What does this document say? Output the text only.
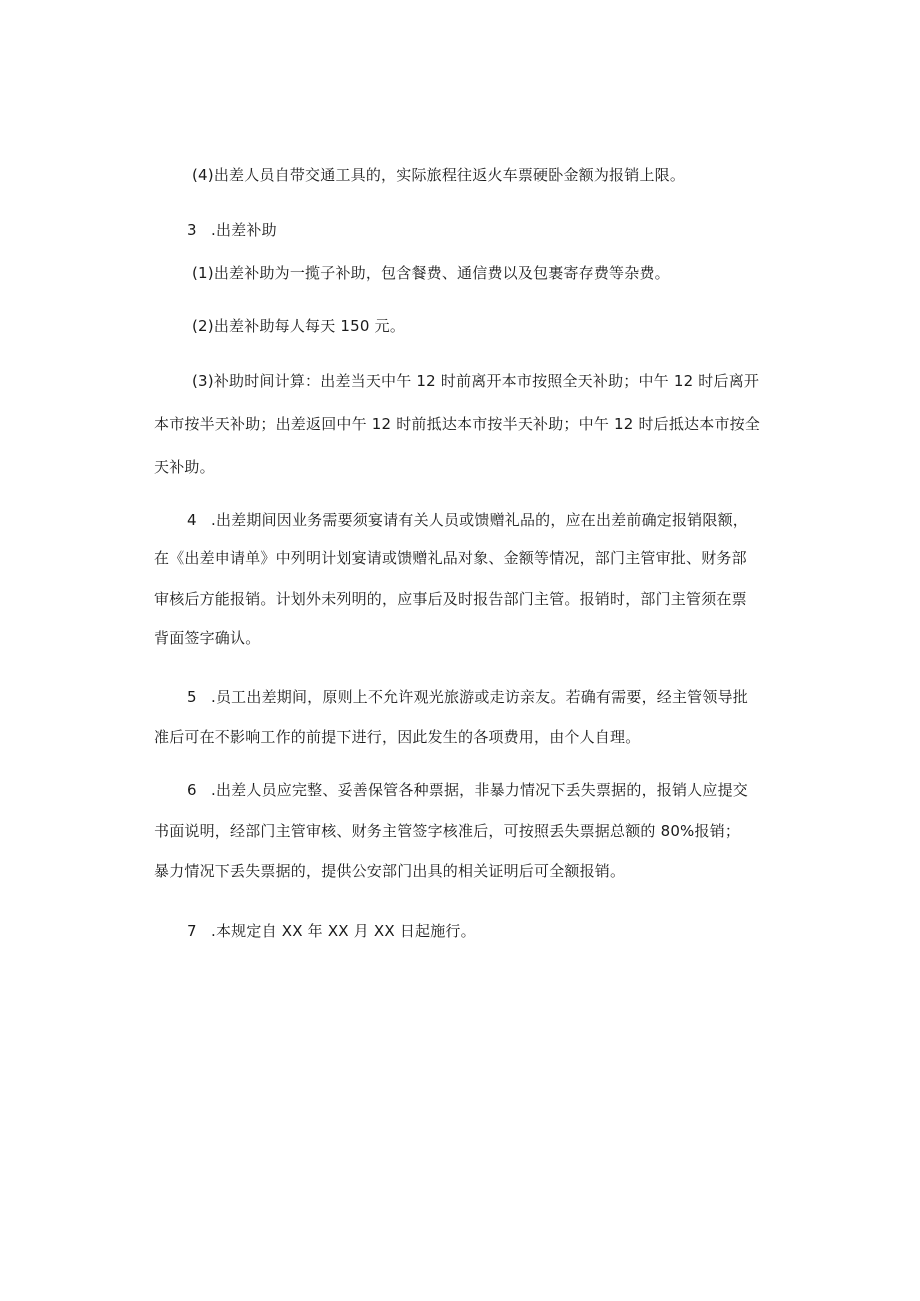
(4)出差人员自带交通工具的，实际旅程往返火车票硬卧金额为报销上限。
3 .出差补助
(1)出差补助为一揽子补助，包含餐费、通信费以及包裹寄存费等杂费。
(2)出差补助每人每天 150 元。
(3)补助时间计算：出差当天中午 12 时前离开本市按照全天补助；中午 12 时后离开
本市按半天补助；出差返回中午 12 时前抵达本市按半天补助；中午 12 时后抵达本市按全
天补助。
4 .出差期间因业务需要须宴请有关人员或馈赠礼品的，应在出差前确定报销限额，
在《出差申请单》中列明计划宴请或馈赠礼品对象、金额等情况，部门主管审批、财务部
审核后方能报销。计划外未列明的，应事后及时报告部门主管。报销时，部门主管须在票
背面签字确认。
5 .员工出差期间，原则上不允许观光旅游或走访亲友。若确有需要，经主管领导批
准后可在不影响工作的前提下进行，因此发生的各项费用，由个人自理。
6 .出差人员应完整、妥善保管各种票据，非暴力情况下丢失票据的，报销人应提交
书面说明，经部门主管审核、财务主管签字核准后，可按照丢失票据总额的 80%报销；
暴力情况下丢失票据的，提供公安部门出具的相关证明后可全额报销。
7 .本规定自 XX 年 XX 月 XX 日起施行。
